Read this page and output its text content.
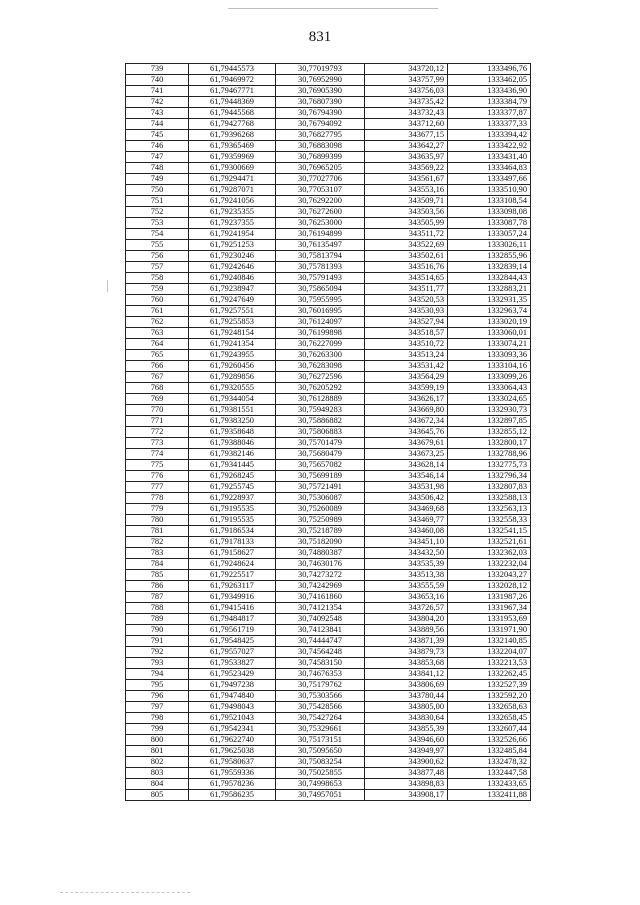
831
739	61,79445573	30,77019793	343720,12	1333496,76
740	61,79469972	30,76952990	343757,99	1333462,05
741	61,79467771	30,76905390	343756,03	1333436,90
742	61,79448369	30,76807390	343735,42	1333384,79
743	61,79445568	30,76794390	343732,43	1333377,87
744	61,79427768	30,76794092	343712,60	1333377,33
745	61,79396268	30,76827795	343677,15	1333394,42
746	61,79365469	30,76883098	343642,27	1333422,92
747	61,79359969	30,76899399	343635,97	1333431,40
748	61,79300669	30,76965205	343569,22	1333464,83
749	61,79294471	30,77027706	343561,67	1333497,66
750	61,79287071	30,77053107	343553,16	1333510,90
751	61,79241056	30,76292200	343509,71	1333108,54
752	61,79235355	30,76272600	343503,56	1333098,08
753	61,79237355	30,76253000	343505,99	1333087,78
754	61,79241954	30,76194899	343511,72	1333057,24
755	61,79251253	30,76135497	343522,69	1333026,11
756	61,79230246	30,75813794	343502,61	1332855,96
757	61,79242646	30,75781393	343516,76	1332839,14
758	61,79240846	30,75791493	343514,65	1332844,43
759	61,79238947	30,75865094	343511,77	1332883,21
760	61,79247649	30,75955995	343520,53	1332931,35
761	61,79257551	30,76016995	343530,93	1332963,74
762	61,79255853	30,76124097	343527,94	1333020,19
763	61,79248154	30,76199898	343518,57	1333060,01
764	61,79241354	30,76227099	343510,72	1333074,21
765	61,79243955	30,76263300	343513,24	1333093,36
766	61,79260456	30,76283098	343531,42	1333104,16
767	61,79289856	30,76272596	343564,29	1333099,26
768	61,79320555	30,76205292	343599,19	1333064,43
769	61,79344054	30,76128889	343626,17	1333024,65
770	61,79381551	30,75949283	343669,80	1332930,73
771	61,79383250	30,75886882	343672,34	1332897,85
772	61,79358648	30,75806883	343645,76	1332855,12
773	61,79388046	30,75701479	343679,61	1332800,17
774	61,79382146	30,75680479	343673,25	1332788,96
775	61,79341445	30,75657082	343628,14	1332775,73
776	61,79268245	30,75699189	343546,14	1332796,34
777	61,79255745	30,75721491	343531,98	1332807,83
778	61,79228937	30,75306087	343506,42	1332588,13
779	61,79195535	30,75260089	343469,68	1332563,13
780	61,79195535	30,75250989	343469,77	1332558,33
781	61,79186534	30,75218789	343460,08	1332541,15
782	61,79178133	30,75182090	343451,10	1332521,61
783	61,79158627	30,74880387	343432,50	1332362,03
784	61,79248624	30,74630176	343535,39	1332232,04
785	61,79225517	30,74273272	343513,38	1332043,27
786	61,79263117	30,74242969	343555,59	1332028,12
787	61,79349916	30,74161860	343653,16	1331987,26
788	61,79415416	30,74121354	343726,57	1331967,34
789	61,79484817	30,74092548	343804,20	1331953,69
790	61,79561719	30,74123841	343889,56	1331971,90
791	61,79548425	30,74444747	343871,39	1332140,85
792	61,79557027	30,74564248	343879,73	1332204,07
793	61,79533827	30,74583150	343853,68	1332213,53
794	61,79523429	30,74676353	343841,12	1332262,45
795	61,79497238	30,75179762	343806,69	1332527,39
796	61,79474840	30,75303566	343780,44	1332592,20
797	61,79498043	30,75428566	343805,00	1332658,63
798	61,79521043	30,75427264	343830,64	1332658,45
799	61,79542341	30,75329661	343855,39	1332607,44
800	61,79622740	30,75173151	343946,60	1332526,66
801	61,79625038	30,75095650	343949,97	1332485,84
802	61,79580637	30,75083254	343900,62	1332478,32
803	61,79559336	30,75025855	343877,48	1332447,58
804	61,79578236	30,74998653	343898,83	1332433,65
805	61,79586235	30,74957051	343908,17	1332411,88
